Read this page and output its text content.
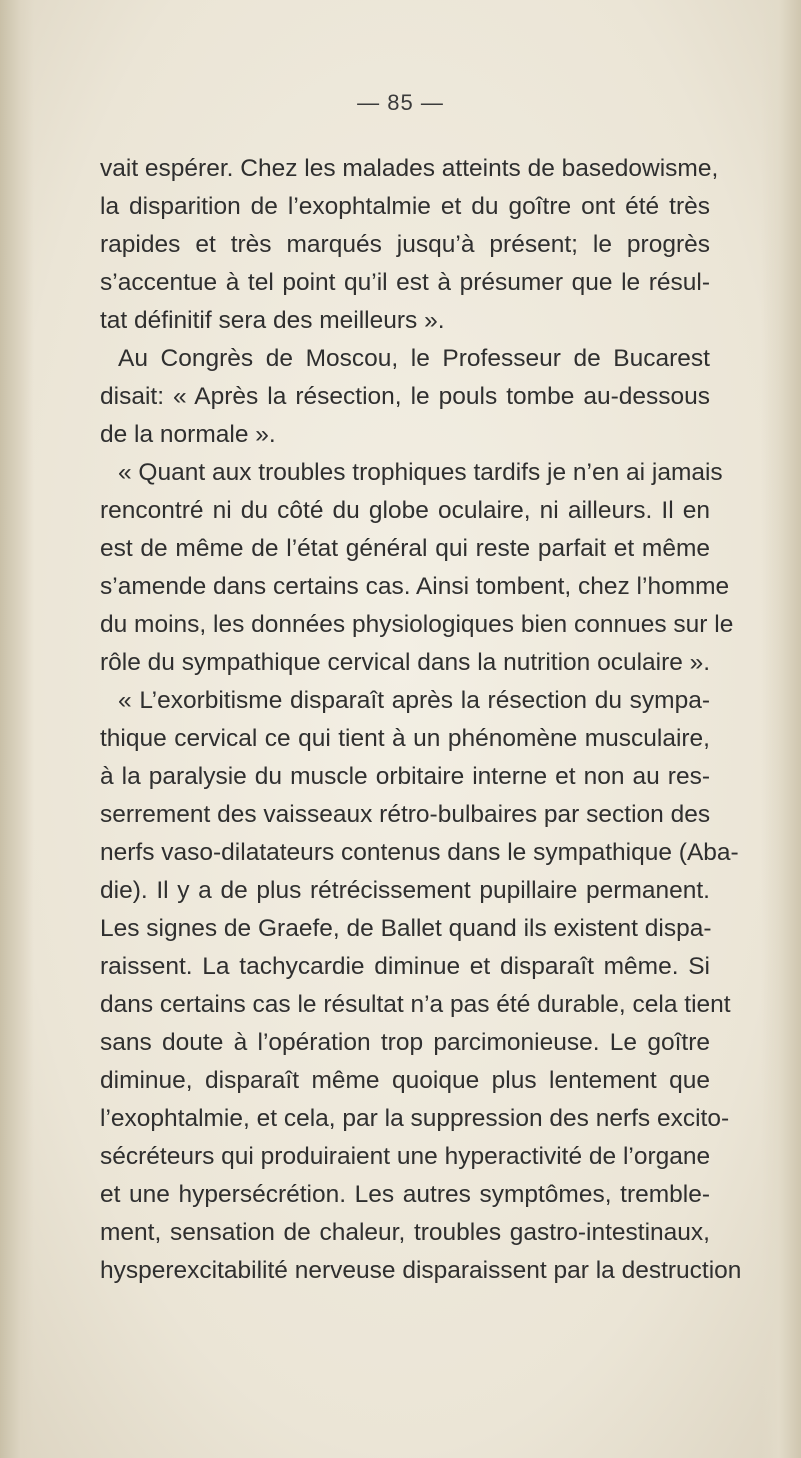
— 85 —
vait espérer. Chez les malades atteints de basedowisme,
la disparition de l’exophtalmie et du goître ont été très
rapides et très marqués jusqu’à présent; le progrès
s’accentue à tel point qu’il est à présumer que le résul-
tat définitif sera des meilleurs ».
Au Congrès de Moscou, le Professeur de Bucarest
disait: « Après la résection, le pouls tombe au-dessous
de la normale ».
« Quant aux troubles trophiques tardifs je n’en ai jamais
rencontré ni du côté du globe oculaire, ni ailleurs. Il en
est de même de l’état général qui reste parfait et même
s’amende dans certains cas. Ainsi tombent, chez l’homme
du moins, les données physiologiques bien connues sur le
rôle du sympathique cervical dans la nutrition oculaire ».
« L’exorbitisme disparaît après la résection du sympa-
thique cervical ce qui tient à un phénomène musculaire,
à la paralysie du muscle orbitaire interne et non au res-
serrement des vaisseaux rétro-bulbaires par section des
nerfs vaso-dilatateurs contenus dans le sympathique (Aba-
die). Il y a de plus rétrécissement pupillaire permanent.
Les signes de Graefe, de Ballet quand ils existent dispa-
raissent. La tachycardie diminue et disparaît même. Si
dans certains cas le résultat n’a pas été durable, cela tient
sans doute à l’opération trop parcimonieuse. Le goître
diminue, disparaît même quoique plus lentement que
l’exophtalmie, et cela, par la suppression des nerfs excito-
sécréteurs qui produiraient une hyperactivité de l’organe
et une hypersécrétion. Les autres symptômes, tremble-
ment, sensation de chaleur, troubles gastro-intestinaux,
hysperexcitabilité nerveuse disparaissent par la destruction
